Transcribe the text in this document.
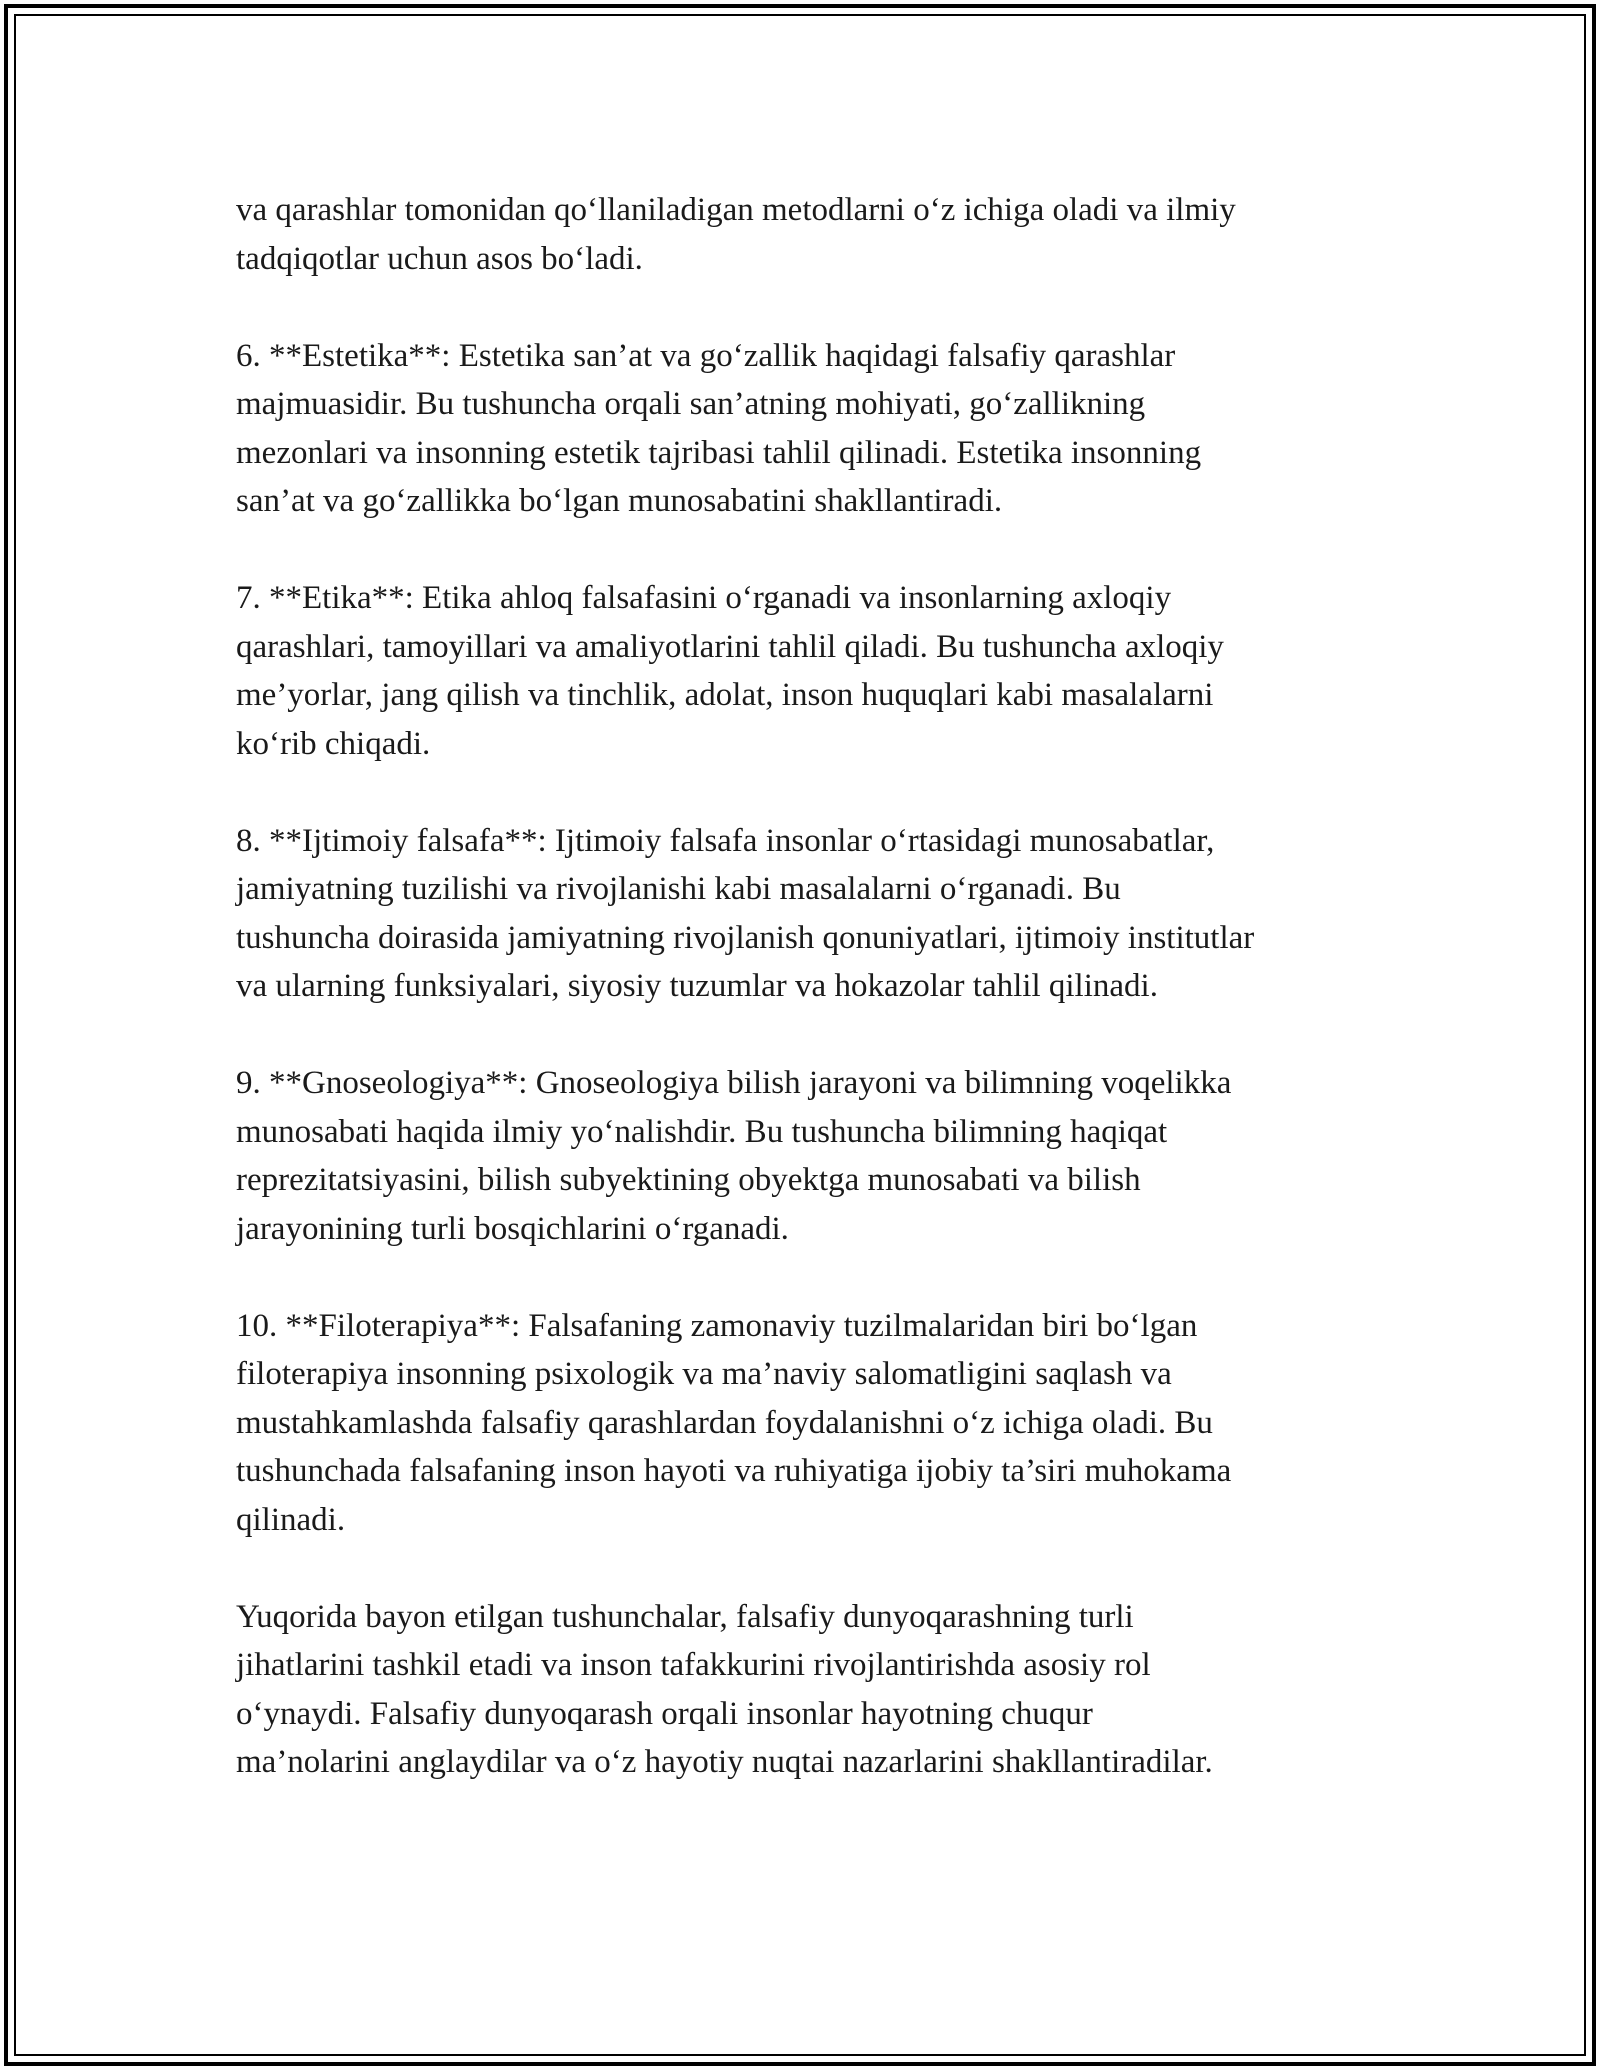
va qarashlar tomonidan qo‘llaniladigan metodlarni o‘z ichiga oladi va ilmiy
tadqiqotlar uchun asos bo‘ladi.

6. **Estetika**: Estetika san’at va go‘zallik haqidagi falsafiy qarashlar
majmuasidir. Bu tushuncha orqali san’atning mohiyati, go‘zallikning
mezonlari va insonning estetik tajribasi tahlil qilinadi. Estetika insonning
san’at va go‘zallikka bo‘lgan munosabatini shakllantiradi.

7. **Etika**: Etika ahloq falsafasini o‘rganadi va insonlarning axloqiy
qarashlari, tamoyillari va amaliyotlarini tahlil qiladi. Bu tushuncha axloqiy
me’yorlar, jang qilish va tinchlik, adolat, inson huquqlari kabi masalalarni
ko‘rib chiqadi.

8. **Ijtimoiy falsafa**: Ijtimoiy falsafa insonlar o‘rtasidagi munosabatlar,
jamiyatning tuzilishi va rivojlanishi kabi masalalarni o‘rganadi. Bu
tushuncha doirasida jamiyatning rivojlanish qonuniyatlari, ijtimoiy institutlar
va ularning funksiyalari, siyosiy tuzumlar va hokazolar tahlil qilinadi.

9. **Gnoseologiya**: Gnoseologiya bilish jarayoni va bilimning voqelikka
munosabati haqida ilmiy yo‘nalishdir. Bu tushuncha bilimning haqiqat
reprezitatsiyasini, bilish subyektining obyektga munosabati va bilish
jarayonining turli bosqichlarini o‘rganadi.

10. **Filoterapiya**: Falsafaning zamonaviy tuzilmalaridan biri bo‘lgan
filoterapiya insonning psixologik va ma’naviy salomatligini saqlash va
mustahkamlashda falsafiy qarashlardan foydalanishni o‘z ichiga oladi. Bu
tushunchada falsafaning inson hayoti va ruhiyatiga ijobiy ta’siri muhokama
qilinadi.

Yuqorida bayon etilgan tushunchalar, falsafiy dunyoqarashning turli
jihatlarini tashkil etadi va inson tafakkurini rivojlantirishda asosiy rol
o‘ynaydi. Falsafiy dunyoqarash orqali insonlar hayotning chuqur
ma’nolarini anglaydilar va o‘z hayotiy nuqtai nazarlarini shakllantiradilar.
